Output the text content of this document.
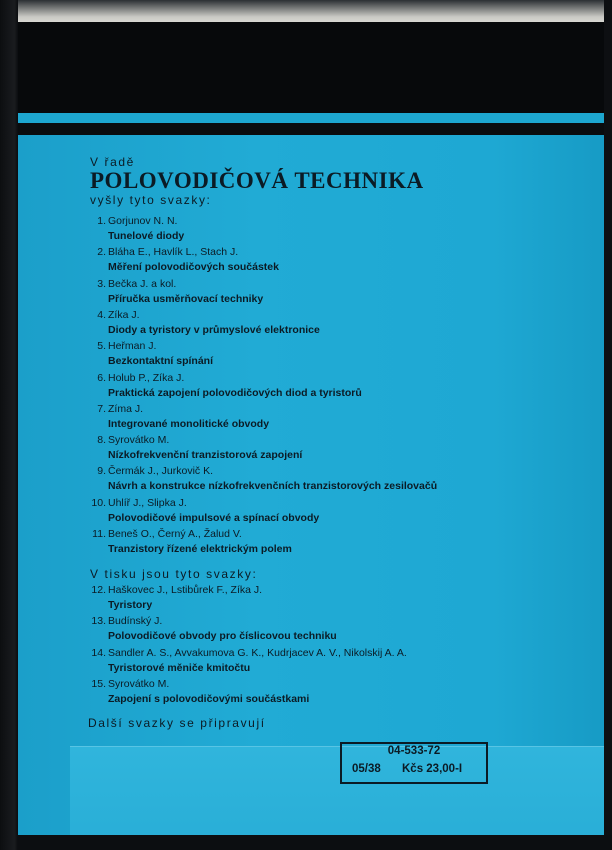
V řadě
POLOVODIČOVÁ TECHNIKA
vyšly tyto svazky:
1. Gorjunov N. N.
Tunelové diody
2. Bláha E., Havlík L., Stach J.
Měření polovodičových součástek
3. Bečka J. a kol.
Příručka usměrňovací techniky
4. Zíka J.
Diody a tyristory v průmyslové elektronice
5. Heřman J.
Bezkontaktní spínání
6. Holub P., Zíka J.
Praktická zapojení polovodičových diod a tyristorů
7. Zíma J.
Integrované monolitické obvody
8. Syrovátko M.
Nízkofrekvenční tranzistorová zapojení
9. Čermák J., Jurkovič K.
Návrh a konstrukce nízkofrekvenčních tranzistorových zesilovačů
10. Uhlíř J., Slipka J.
Polovodičové impulsové a spínací obvody
11. Beneš O., Černý A., Žalud V.
Tranzistory řízené elektrickým polem
V tisku jsou tyto svazky:
12. Haškovec J., Lstibůrek F., Zíka J.
Tyristory
13. Budínský J.
Polovodičové obvody pro číslicovou techniku
14. Sandler A. S., Avvakumova G. K., Kudrjacev A. V., Nikolskij A. A.
Tyristorové měniče kmitočtu
15. Syrovátko M.
Zapojení s polovodičovými součástkami
Další svazky se připravují
04-533-72
05/38 Kčs 23,00-I
